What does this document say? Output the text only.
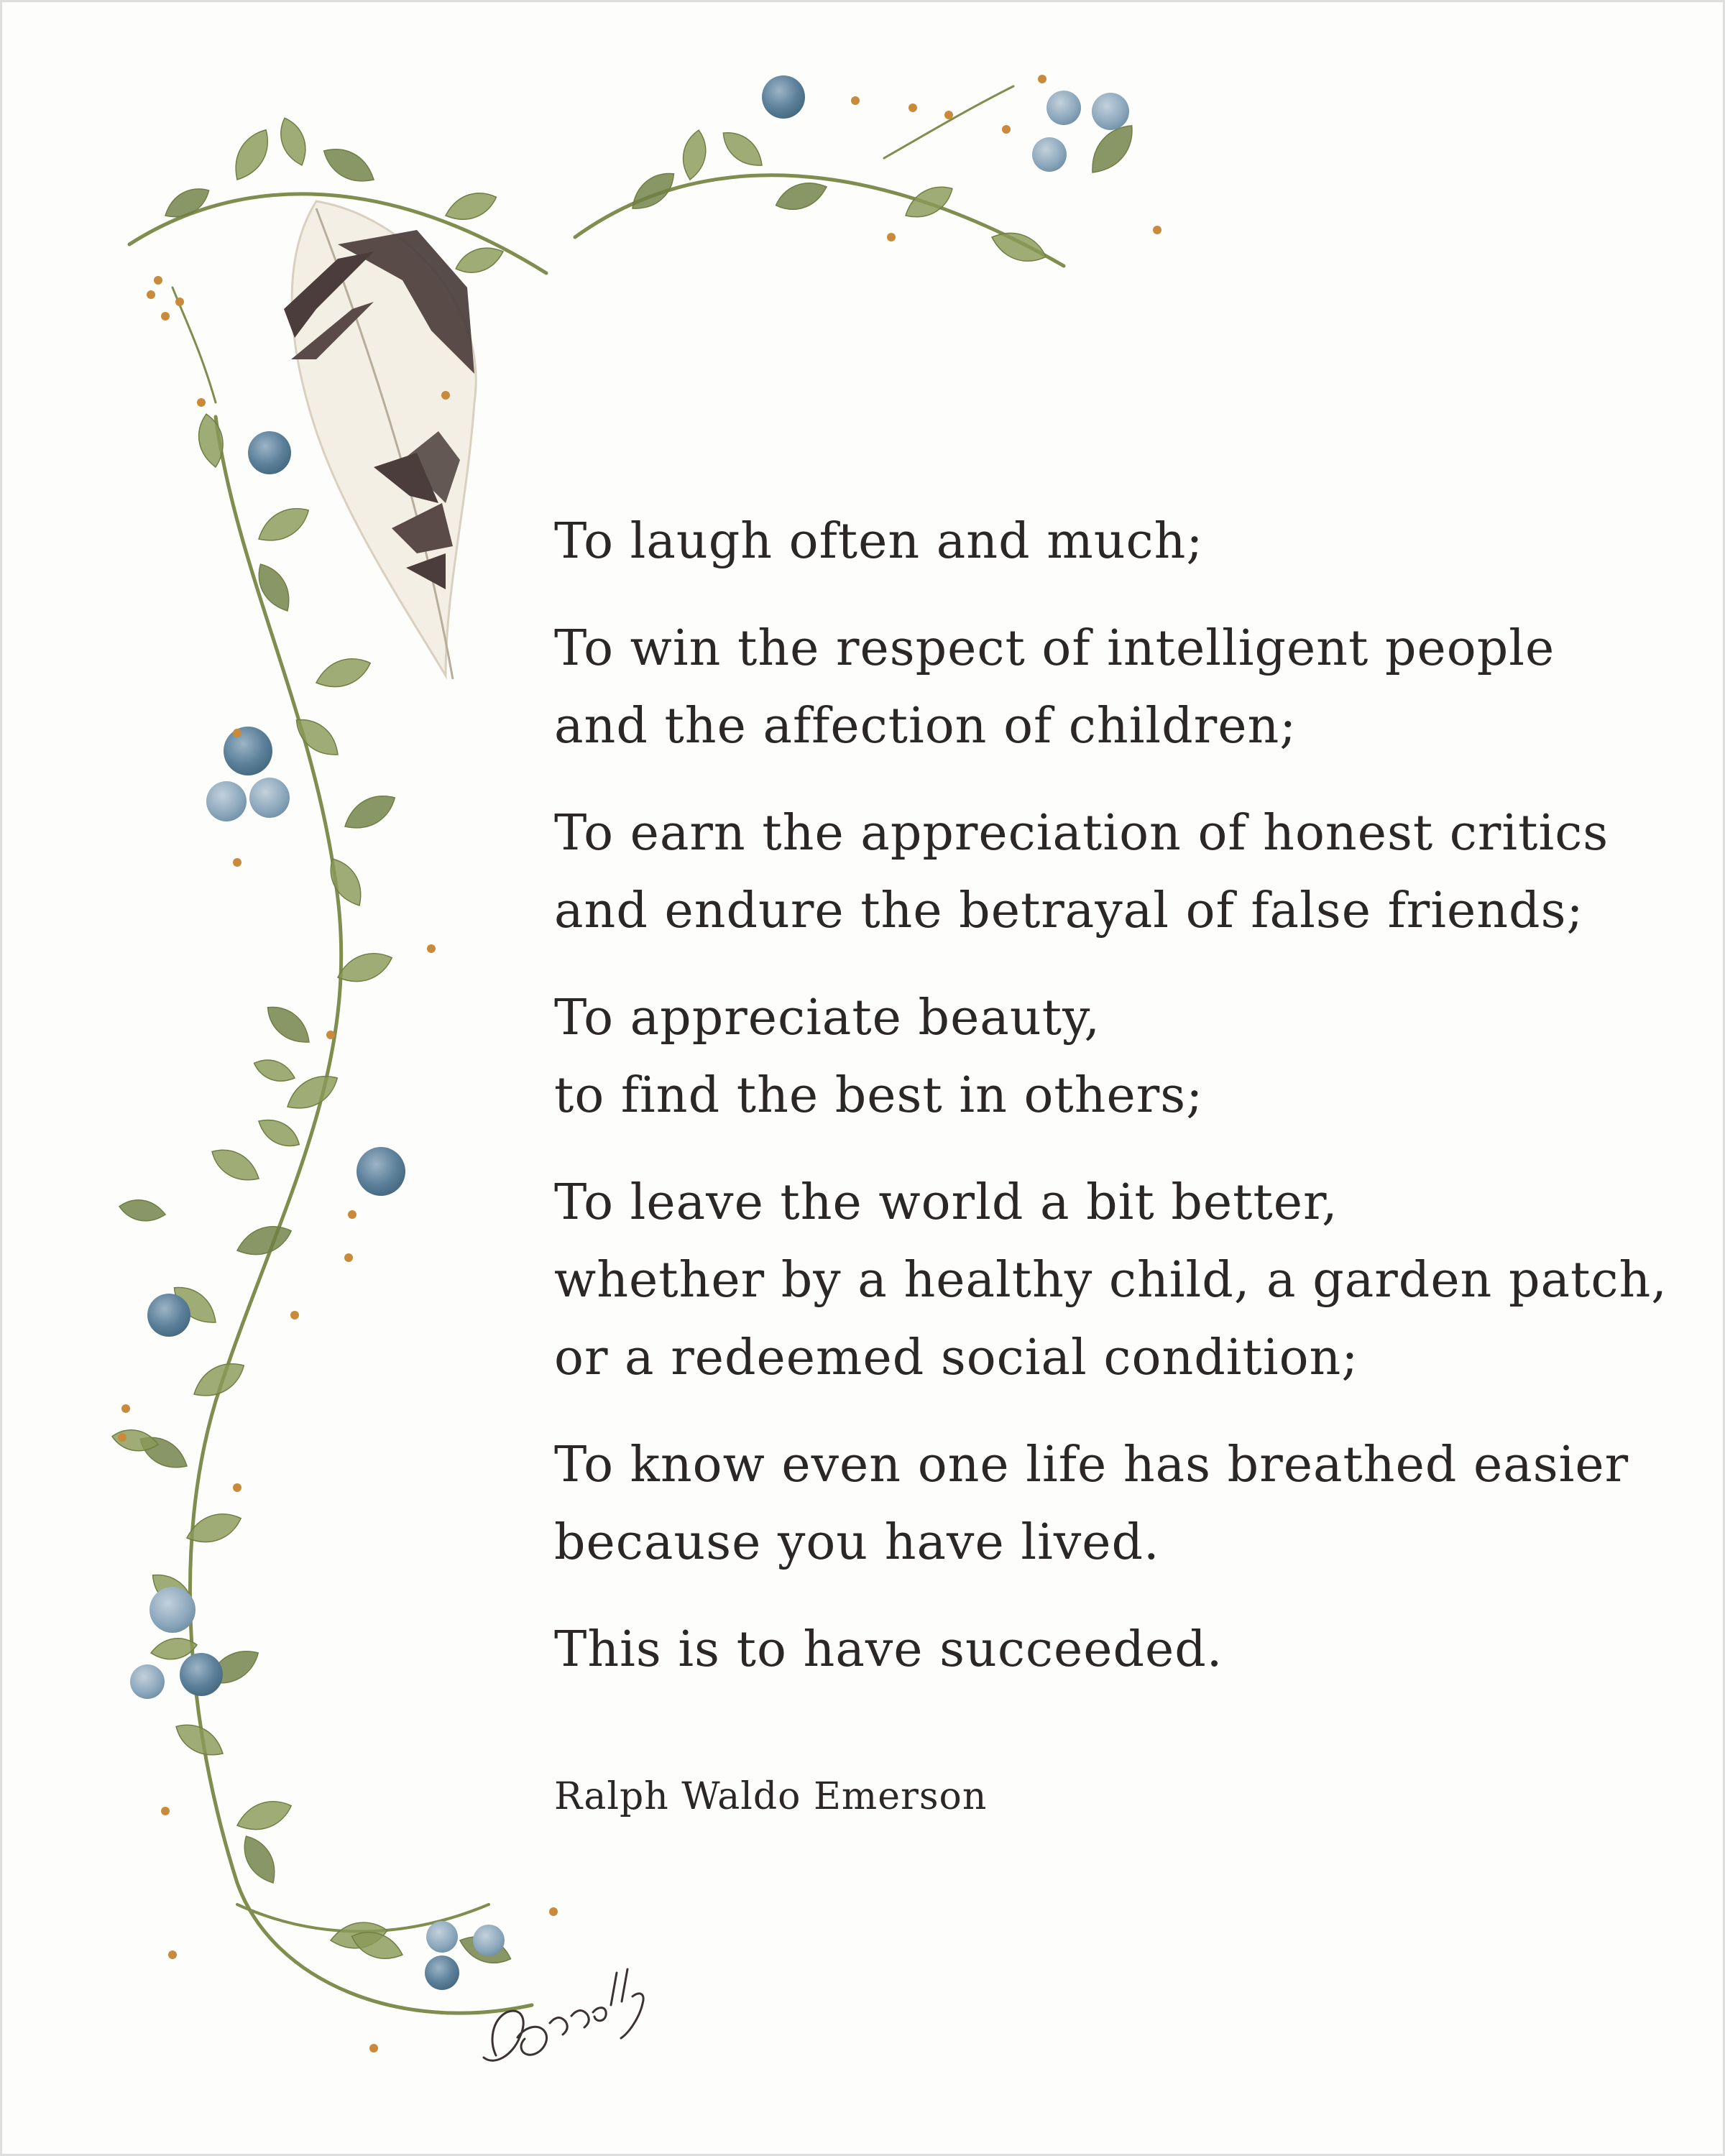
To laugh often and much;
To win the respect of intelligent people
and the affection of children;
To earn the appreciation of honest critics
and endure the betrayal of false friends;
To appreciate beauty,
to find the best in others;
To leave the world a bit better,
whether by a healthy child, a garden patch,
or a redeemed social condition;
To know even one life has breathed easier
because you have lived.
This is to have succeeded.
Ralph Waldo Emerson
